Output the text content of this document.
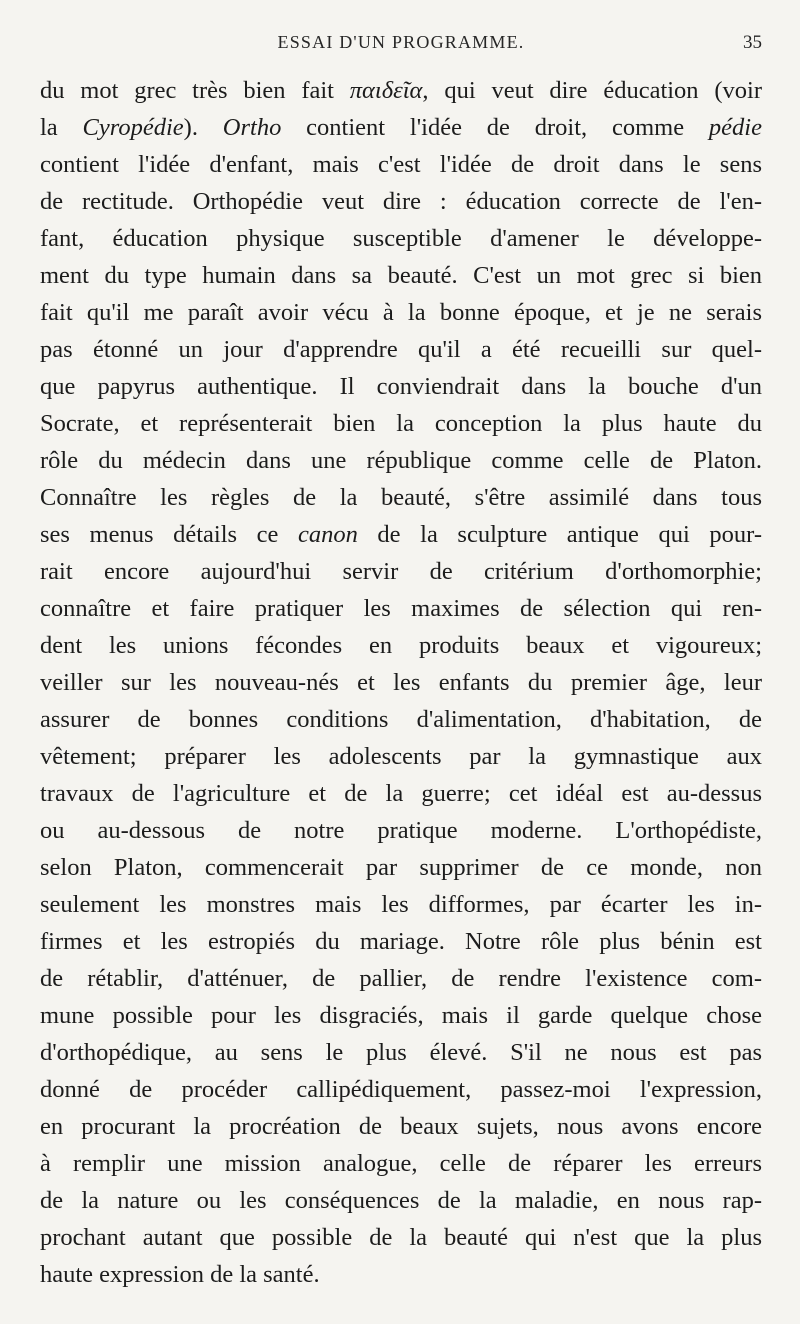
ESSAI D'UN PROGRAMME.	35
du mot grec très bien fait παιδεῖα, qui veut dire éducation (voir
la Cyropédie). Ortho contient l'idée de droit, comme pédie
contient l'idée d'enfant, mais c'est l'idée de droit dans le sens
de rectitude. Orthopédie veut dire : éducation correcte de l'en-
fant, éducation physique susceptible d'amener le développe-
ment du type humain dans sa beauté. C'est un mot grec si bien
fait qu'il me paraît avoir vécu à la bonne époque, et je ne serais
pas étonné un jour d'apprendre qu'il a été recueilli sur quel-
que papyrus authentique. Il conviendrait dans la bouche d'un
Socrate, et représenterait bien la conception la plus haute du
rôle du médecin dans une république comme celle de Platon.
Connaître les règles de la beauté, s'être assimilé dans tous
ses menus détails ce canon de la sculpture antique qui pour-
rait encore aujourd'hui servir de critérium d'orthomorphie;
connaître et faire pratiquer les maximes de sélection qui ren-
dent les unions fécondes en produits beaux et vigoureux;
veiller sur les nouveau-nés et les enfants du premier âge, leur
assurer de bonnes conditions d'alimentation, d'habitation, de
vêtement; préparer les adolescents par la gymnastique aux
travaux de l'agriculture et de la guerre; cet idéal est au-dessus
ou au-dessous de notre pratique moderne. L'orthopédiste,
selon Platon, commencerait par supprimer de ce monde, non
seulement les monstres mais les difformes, par écarter les in-
firmes et les estropiés du mariage. Notre rôle plus bénin est
de rétablir, d'atténuer, de pallier, de rendre l'existence com-
mune possible pour les disgraciés, mais il garde quelque chose
d'orthopédique, au sens le plus élevé. S'il ne nous est pas
donné de procéder callipédiquement, passez-moi l'expression,
en procurant la procréation de beaux sujets, nous avons encore
à remplir une mission analogue, celle de réparer les erreurs
de la nature ou les conséquences de la maladie, en nous rap-
prochant autant que possible de la beauté qui n'est que la plus
haute expression de la santé.
